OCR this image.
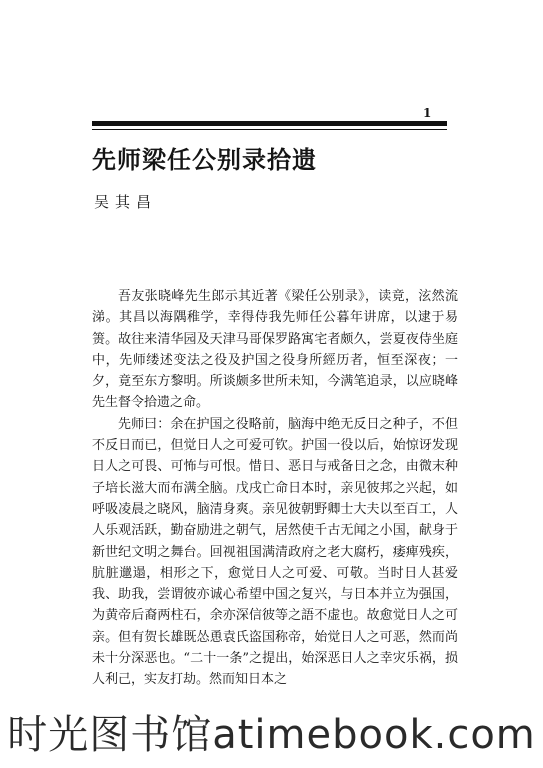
1
先师梁任公别录拾遗
吴其昌

吾友张晓峰先生郎示其近著《梁任公别录》，读竟，泫然流涕。其昌以海隅稚学，幸得侍我先师任公暮年讲席，以逮于易箦。故往来清华园及天津马哥保罗路寓宅者颇久，尝夏夜侍坐庭中，先师缕述变法之役及护国之役身所經历者，恒至深夜；一夕，竟至东方黎明。所谈颇多世所未知，今满笔追录，以应晓峰先生督令拾遗之命。

先师曰：余在护国之役略前，脑海中绝无反日之种子，不但不反日而已，但觉日人之可爱可钦。护国一役以后，始惊讶发现日人之可畏、可怖与可恨。惜日、恶日与戒备日之念，由微末种子培长滋大而布满全脑。戊戌亡命日本时，亲见彼邦之兴起，如呼吸凌晨之晓风，脑清身爽。亲见彼朝野卿士大夫以至百工，人人乐观活跃，勤奋励进之朝气，居然使千古无闻之小国，献身于新世纪文明之舞台。回视祖国满清政府之老大腐朽，痿痺残疾，肮脏邋遢，相形之下，愈觉日人之可爱、可敬。当时日人甚爱我、助我，尝谓彼亦诚心希望中国之复兴，与日本并立为强国，为黄帝后裔两柱石，余亦深信彼等之語不虚也。故愈觉日人之可亲。但有贺长雄既怂恿袁氏盗国称帝，始觉日人之可恶，然而尚未十分深恶也。“二十一条”之提出，始深恶日人之幸灾乐祸，损人利己，实友打劫。然而知日本之

时光图书馆atimebook.com
